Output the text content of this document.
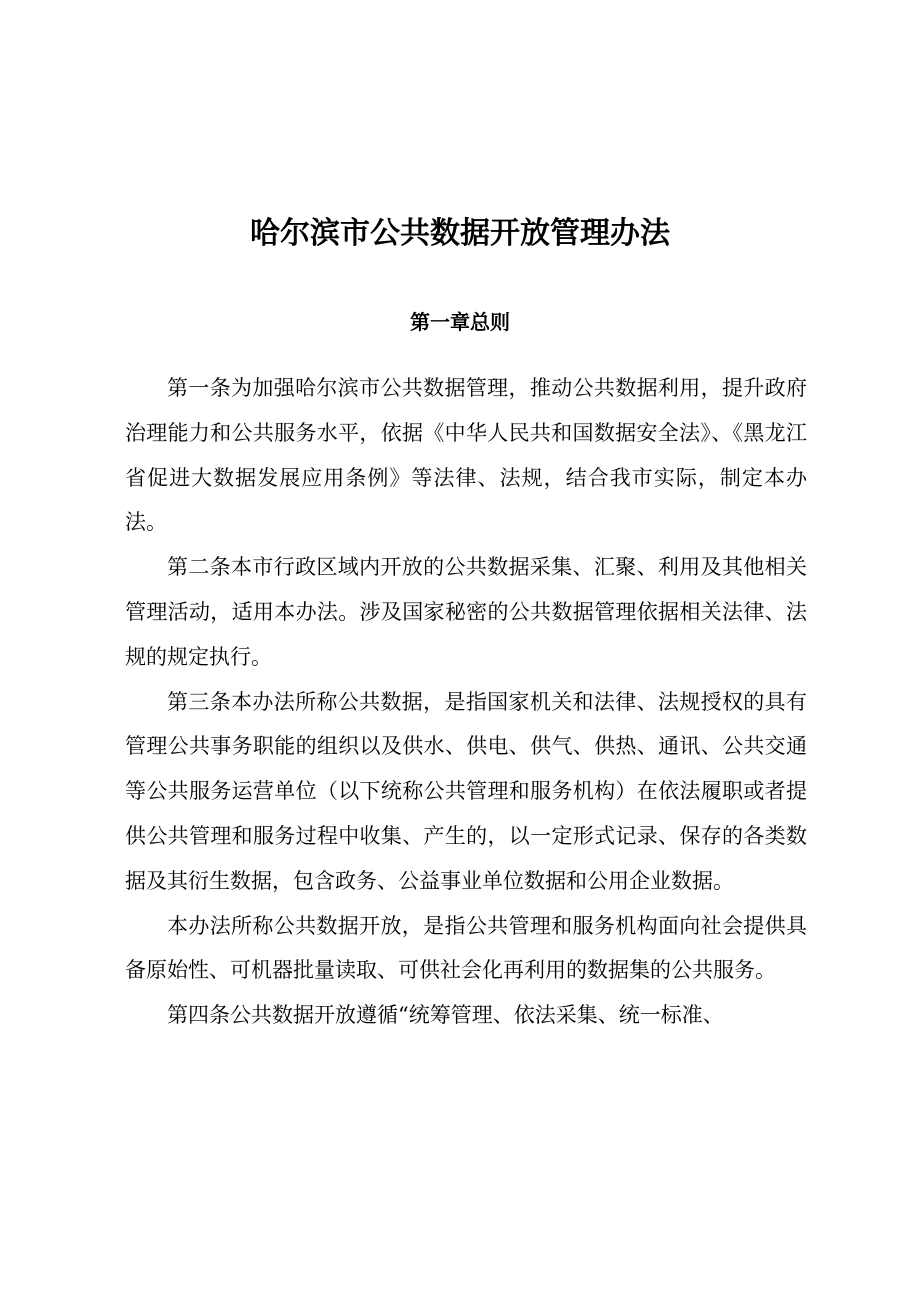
哈尔滨市公共数据开放管理办法
第一章总则

第一条为加强哈尔滨市公共数据管理，推动公共数据利用，提升政府治理能力和公共服务水平，依据《中华人民共和国数据安全法》、《黑龙江省促进大数据发展应用条例》等法律、法规，结合我市实际，制定本办法。

第二条本市行政区域内开放的公共数据采集、汇聚、利用及其他相关管理活动，适用本办法。涉及国家秘密的公共数据管理依据相关法律、法规的规定执行。

第三条本办法所称公共数据，是指国家机关和法律、法规授权的具有管理公共事务职能的组织以及供水、供电、供气、供热、通讯、公共交通等公共服务运营单位（以下统称公共管理和服务机构）在依法履职或者提供公共管理和服务过程中收集、产生的，以一定形式记录、保存的各类数据及其衍生数据，包含政务、公益事业单位数据和公用企业数据。

本办法所称公共数据开放，是指公共管理和服务机构面向社会提供具备原始性、可机器批量读取、可供社会化再利用的数据集的公共服务。

第四条公共数据开放遵循“统筹管理、依法采集、统一标准、
